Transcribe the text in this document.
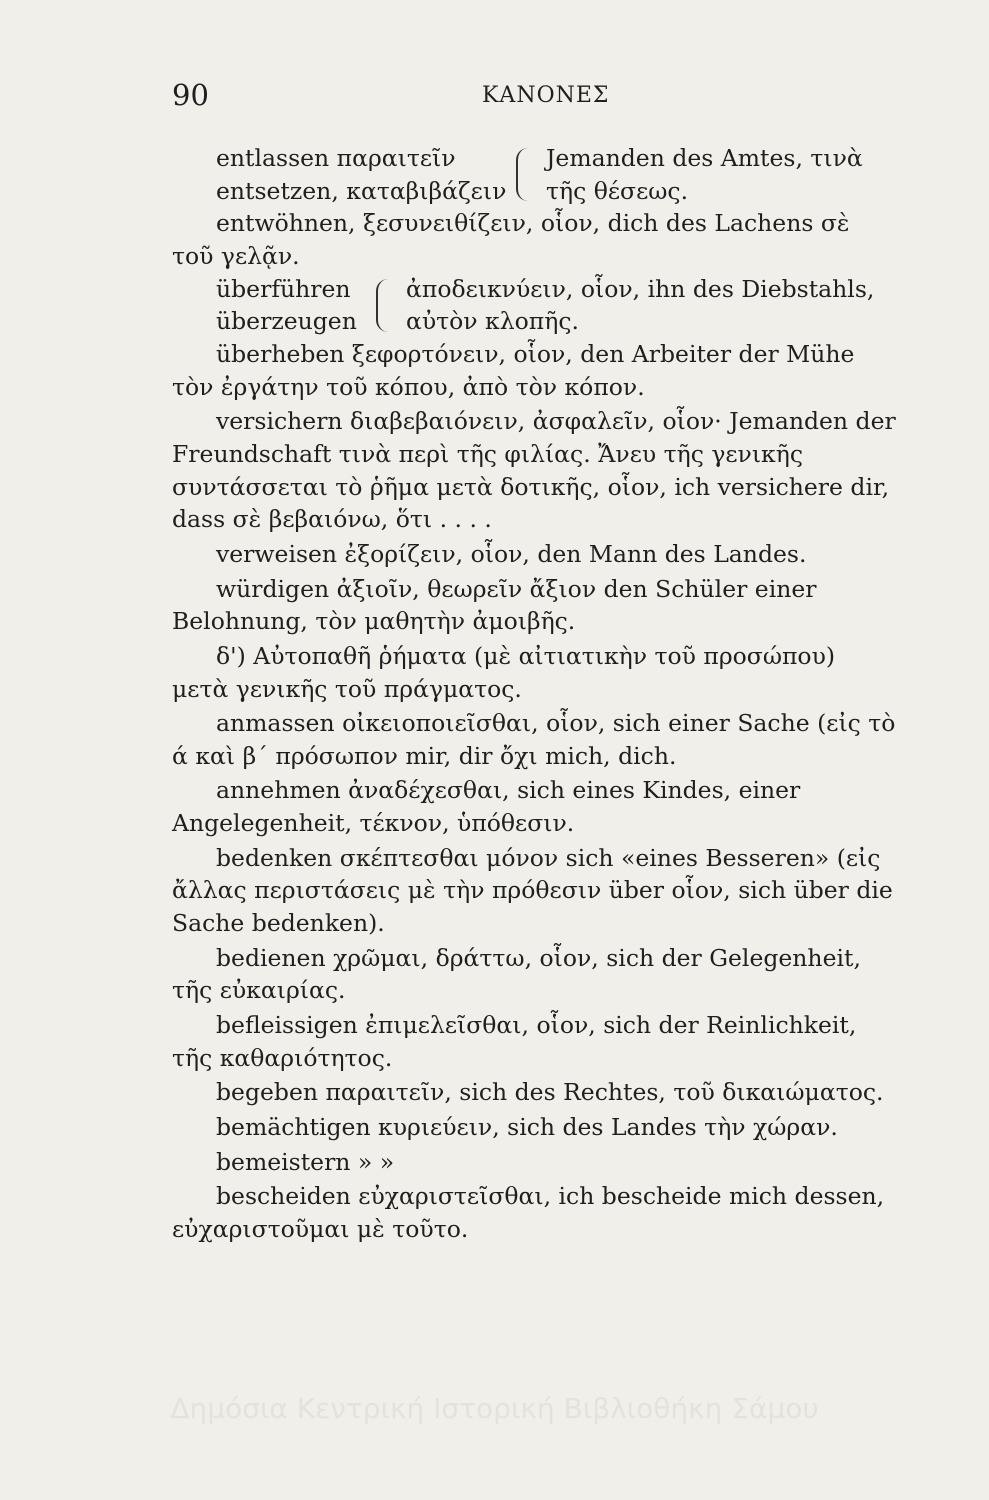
90	ΚΑΝΟΝΕΣ
entlassen παραιτεῖν
entsetzen, καταβιβάζειν
Jemanden des Amtes, τινὰ
τῆς θέσεως.

entwöhnen, ξεσυνειθίζειν, οἷον, dich des Lachens σὲ τοῦ γελᾷν.

überführen
überzeugen
ἀποδεικνύειν, οἷον, ihn des Diebstahls,
αὐτὸν κλοπῆς.

überheben ξεφορτόνειν, οἷον, den Arbeiter der Mühe τὸν ἐργάτην τοῦ κόπου, ἀπὸ τὸν κόπον.

versichern διαβεβαιόνειν, ἀσφαλεῖν, οἷον· Jemanden der Freundschaft τινὰ περὶ τῆς φιλίας. Ἄνευ τῆς γενικῆς συντάσσεται τὸ ῥῆμα μετὰ δοτικῆς, οἷον, ich versichere dir, dass σὲ βεβαιόνω, ὅτι . . . .

verweisen ἐξορίζειν, οἷον, den Mann des Landes.

würdigen ἀξιοῖν, θεωρεῖν ἄξιον den Schüler einer Belohnung, τὸν μαθητὴν ἀμοιβῆς.

δ') Αὐτοπαθῆ ῥήματα (μὲ αἰτιατικὴν τοῦ προσώπου) μετὰ γενικῆς τοῦ πράγματος.

anmassen οἰκειοποιεῖσθαι, οἷον, sich einer Sache (εἰς τὸ ά καὶ β΄ πρόσωπον mir, dir ὄχι mich, dich.

annehmen ἀναδέχεσθαι, sich eines Kindes, einer Angelegenheit, τέκνον, ὑπόθεσιν.

bedenken σκέπτεσθαι μόνον sich «eines Besseren» (εἰς ἄλλας περιστάσεις μὲ τὴν πρόθεσιν über οἷον, sich über die Sache bedenken).

bedienen χρῶμαι, δράττω, οἷον, sich der Gelegenheit, τῆς εὐκαιρίας.

befleissigen ἐπιμελεῖσθαι, οἷον, sich der Reinlichkeit, τῆς καθαριότητος.

begeben παραιτεῖν, sich des Rechtes, τοῦ δικαιώματος.

bemächtigen κυριεύειν, sich des Landes τὴν χώραν.

bemeistern » »

bescheiden εὐχαριστεῖσθαι, ich bescheide mich dessen, εὐχαριστοῦμαι μὲ τοῦτο.

Δημόσια Κεντρική Ιστορική Βιβλιοθήκη Σάμου
